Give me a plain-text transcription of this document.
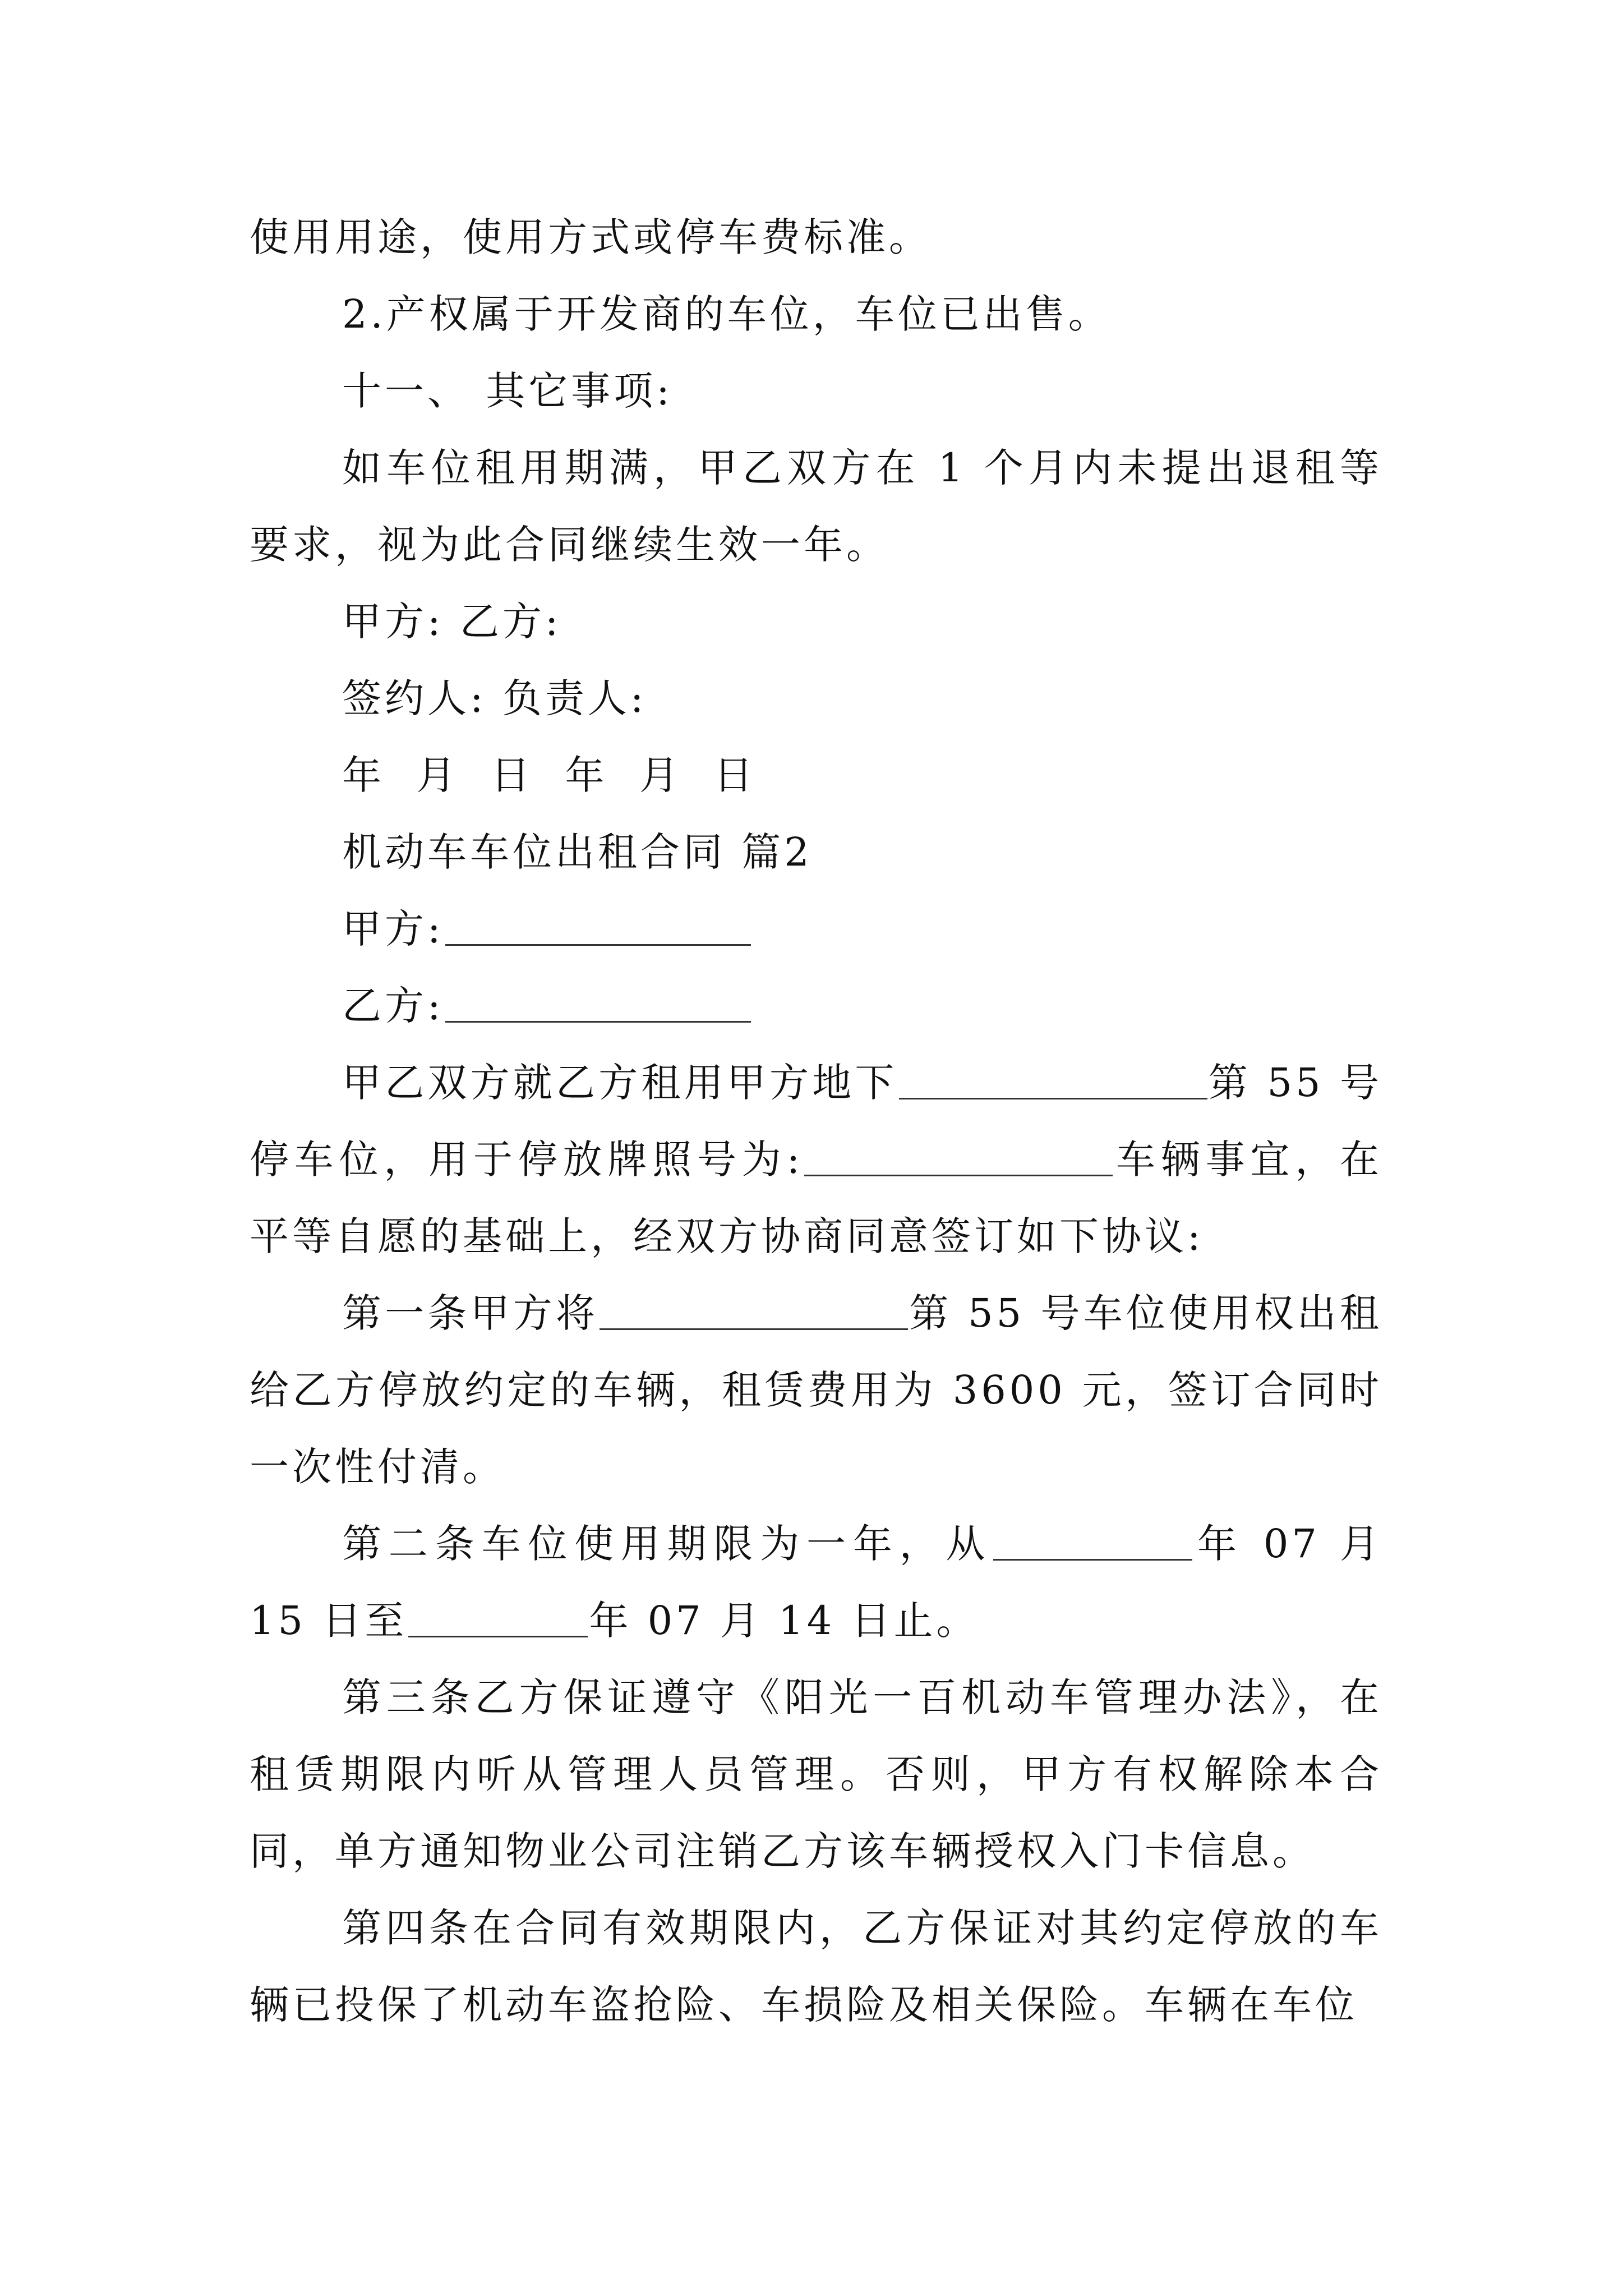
使用用途，使用方式或停车费标准。

2.产权属于开发商的车位，车位已出售。

十一、 其它事项:

如车位租用期满，甲乙双方在 1 个月内未提出退租等要求，视为此合同继续生效一年。

甲方: 乙方:

签约人: 负责人:

年  月  日  年  月  日

机动车车位出租合同 篇2

甲方:

乙方:

甲乙双方就乙方租用甲方地下	第 55 号停车位，用于停放牌照号为:	车辆事宜，在平等自愿的基础上，经双方协商同意签订如下协议:

第一条甲方将	第 55 号车位使用权出租给乙方停放约定的车辆，租赁费用为 3600 元，签订合同时一次性付清。

第二条车位使用期限为一年，从	年 07 月 15 日至	年 07 月 14 日止。

第三条乙方保证遵守《阳光一百机动车管理办法》，在租赁期限内听从管理人员管理。否则，甲方有权解除本合同，单方通知物业公司注销乙方该车辆授权入门卡信息。

第四条在合同有效期限内，乙方保证对其约定停放的车辆已投保了机动车盗抢险、车损险及相关保险。车辆在车位
